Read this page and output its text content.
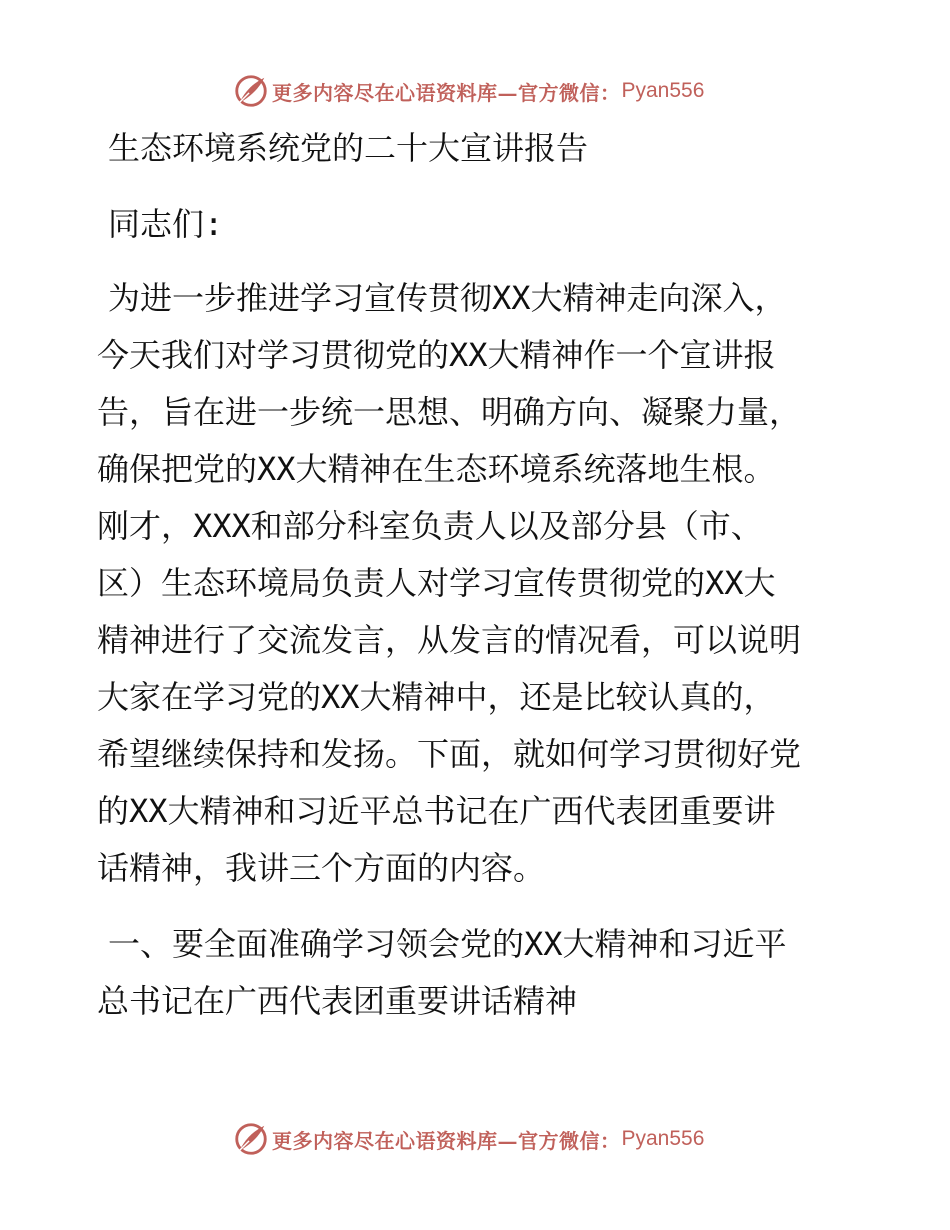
更多内容尽在心语资料库—官方微信： Pyan556
生态环境系统党的二十大宣讲报告
同志们:
为进一步推进学习宣传贯彻XX大精神走向深入，
今天我们对学习贯彻党的XX大精神作一个宣讲报
告，旨在进一步统一思想、明确方向、凝聚力量，
确保把党的XX大精神在生态环境系统落地生根。
刚才，XXX和部分科室负责人以及部分县（市、
区）生态环境局负责人对学习宣传贯彻党的XX大
精神进行了交流发言，从发言的情况看，可以说明
大家在学习党的XX大精神中，还是比较认真的，
希望继续保持和发扬。下面，就如何学习贯彻好党
的XX大精神和习近平总书记在广西代表团重要讲
话精神，我讲三个方面的内容。
一、要全面准确学习领会党的XX大精神和习近平
总书记在广西代表团重要讲话精神
更多内容尽在心语资料库—官方微信： Pyan556
